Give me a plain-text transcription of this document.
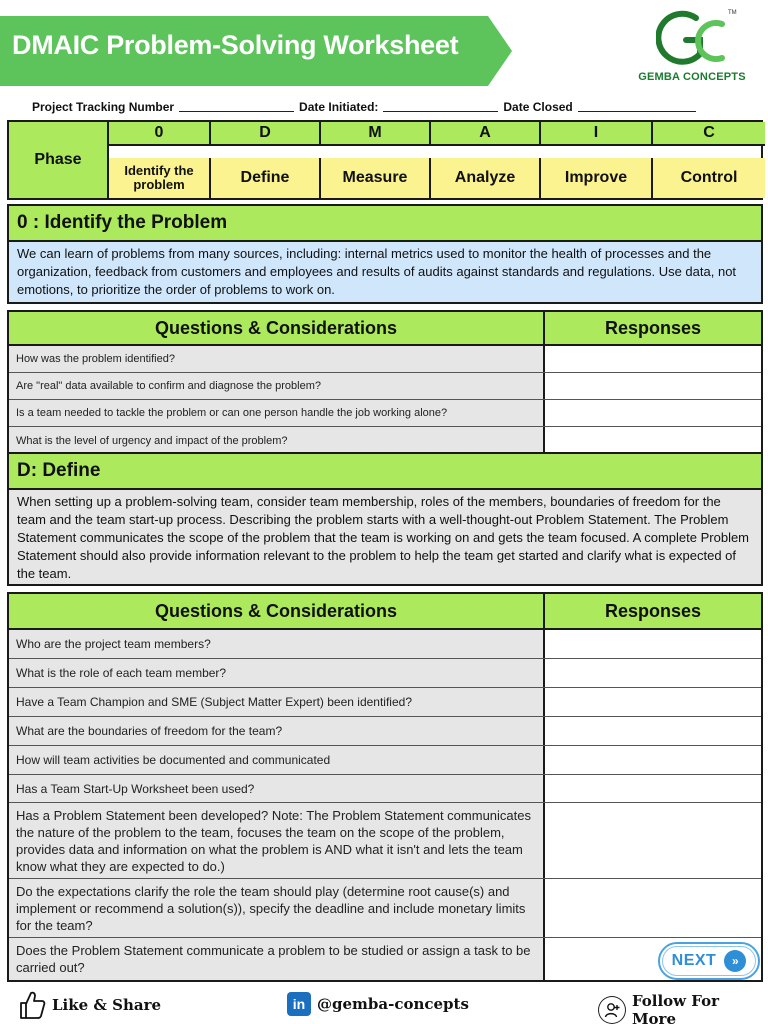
DMAIC Problem-Solving Worksheet
TM
GEMBA CONCEPTS
Project Tracking Number	Date Initiated:	Date Closed
Phase
0	D	M	A	I	C
Identify the problem	Define	Measure	Analyze	Improve	Control
0 : Identify the Problem
We can learn of problems from many sources, including: internal metrics used to monitor the health of processes and the organization, feedback from customers and employees and results of audits against standards and regulations. Use data, not emotions, to prioritize the order of problems to work on.
Questions & Considerations	Responses
How was the problem identified?
Are "real" data available to confirm and diagnose the problem?
Is a team needed to tackle the problem or can one person handle the job working alone?
What is the level of urgency and impact of the problem?
D: Define
When setting up a problem-solving team, consider team membership, roles of the members, boundaries of freedom for the team and the team start-up process. Describing the problem starts with a well-thought-out Problem Statement. The Problem Statement communicates the scope of the problem that the team is working on and gets the team focused. A complete Problem Statement should also provide information relevant to the problem to help the team get started and clarify what is expected of the team.
Questions & Considerations	Responses
Who are the project team members?
What is the role of each team member?
Have a Team Champion and SME (Subject Matter Expert) been identified?
What are the boundaries of freedom for the team?
How will team activities be documented and communicated
Has a Team Start-Up Worksheet been used?
Has a Problem Statement been developed? Note: The Problem Statement communicates the nature of the problem to the team, focuses the team on the scope of the problem, provides data and information on what the problem is AND what it isn't and lets the team know what they are expected to do.)
Do the expectations clarify the role the team should play (determine root cause(s) and implement or recommend a solution(s)), specify the deadline and include monetary limits for the team?
Does the Problem Statement communicate a problem to be studied or assign a task to be carried out?	NEXT	»
Like & Share	in @gemba-concepts	Follow For More
